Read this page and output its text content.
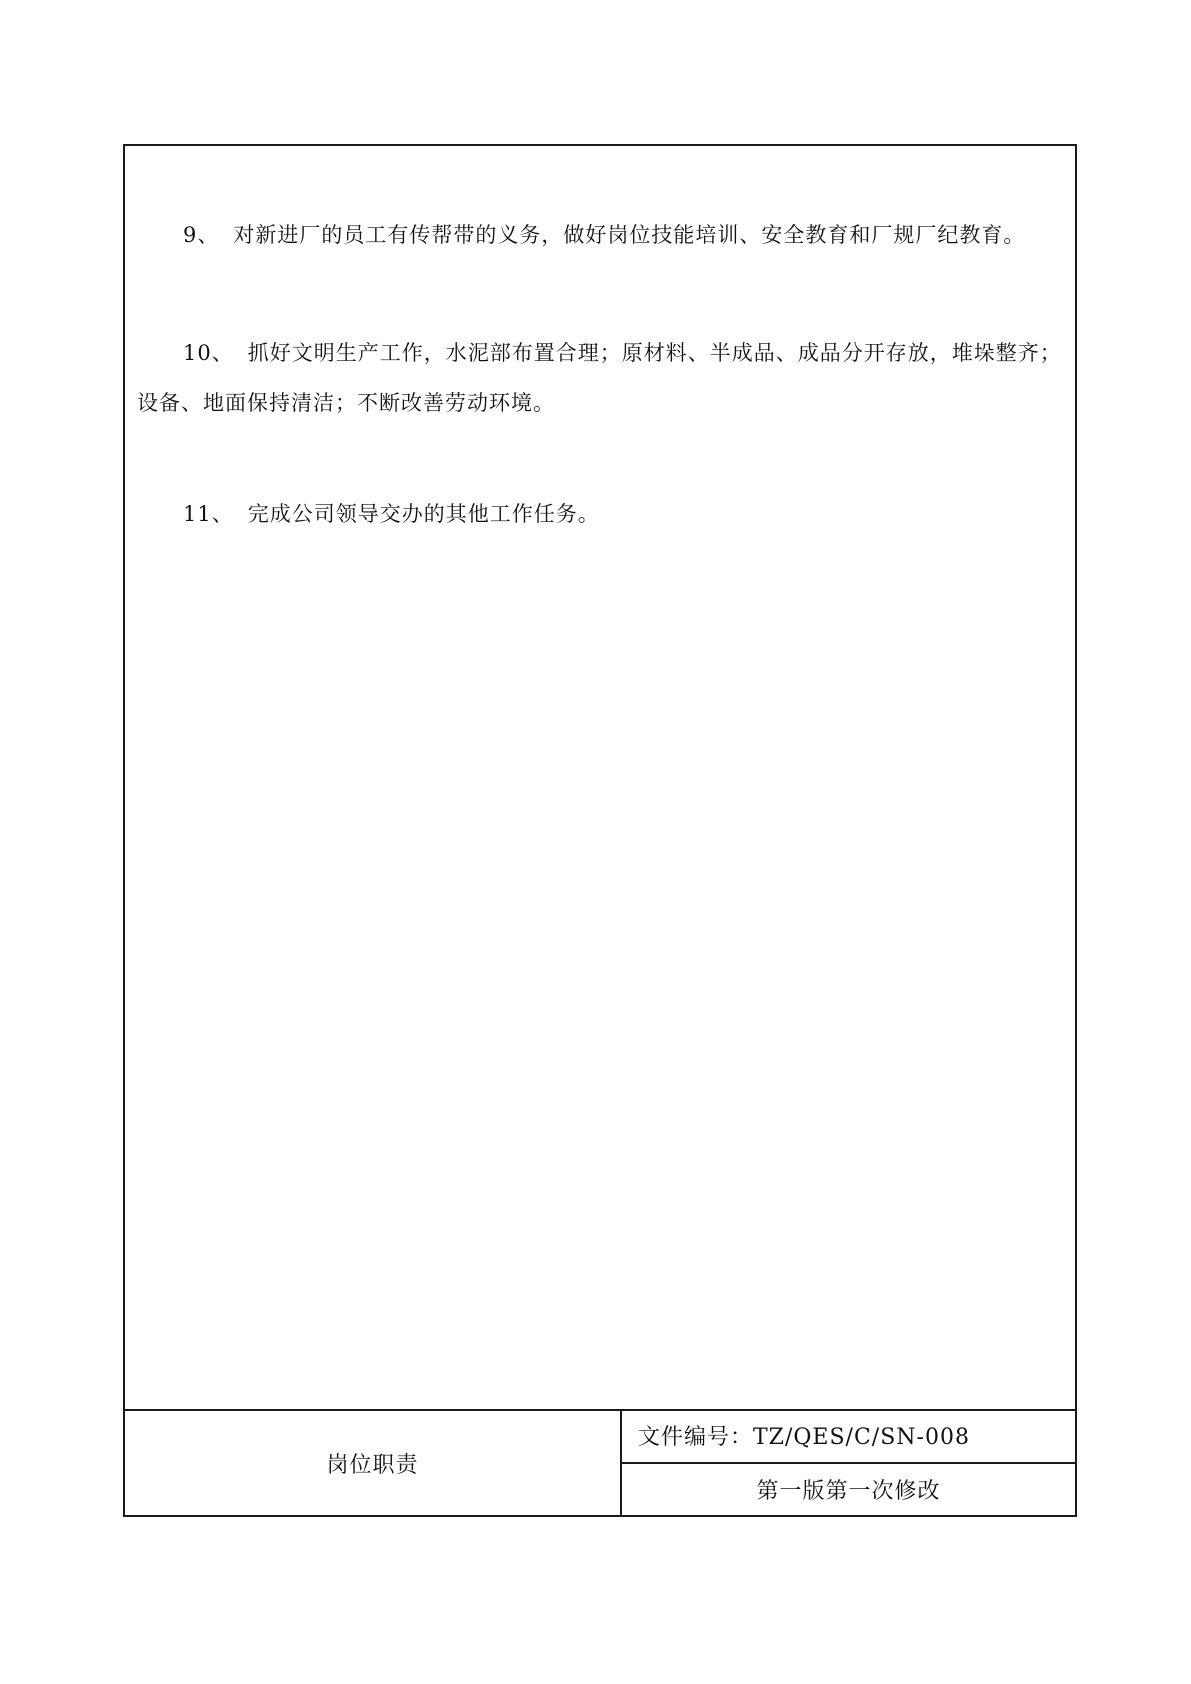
9、 对新进厂的员工有传帮带的义务，做好岗位技能培训、安全教育和厂规厂纪教育。
10、 抓好文明生产工作，水泥部布置合理；原材料、半成品、成品分开存放，堆垛整齐；设备、地面保持清洁；不断改善劳动环境。
11、 完成公司领导交办的其他工作任务。
岗位职责
文件编号：TZ/QES/C/SN-008
第一版第一次修改
